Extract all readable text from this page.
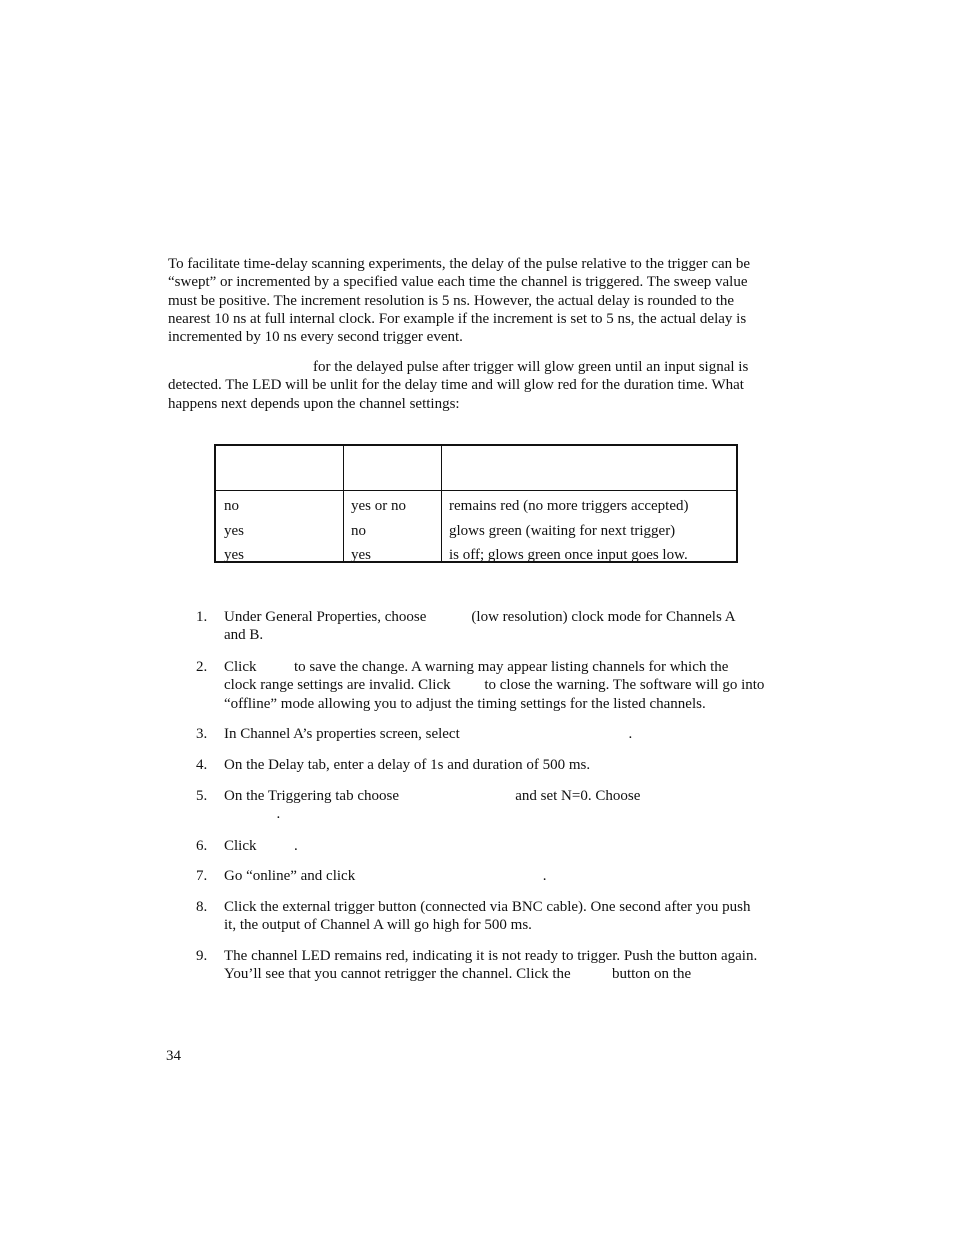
To facilitate time-delay scanning experiments, the delay of the pulse relative to the trigger can be
“swept” or incremented by a specified value each time the channel is triggered. The sweep value
must be positive. The increment resolution is 5 ns. However, the actual delay is rounded to the
nearest 10 ns at full internal clock. For example if the increment is set to 5 ns, the actual delay is
incremented by 10 ns every second trigger event.

for the delayed pulse after trigger will glow green until an input signal is
detected. The LED will be unlit for the delay time and will glow red for the duration time. What
happens next depends upon the channel settings:

no	yes or no	remains red (no more triggers accepted)
yes	no	glows green (waiting for next trigger)
yes	yes	is off; glows green once input goes low.
1. Under General Properties, choose            (low resolution) clock mode for Channels A
and B.
2. Click          to save the change. A warning may appear listing channels for which the
clock range settings are invalid. Click         to close the warning. The software will go into
“offline” mode allowing you to adjust the timing settings for the listed channels.
3. In Channel A’s properties screen, select                                             .
4. On the Delay tab, enter a delay of 1s and duration of 500 ms.
5. On the Triggering tab choose                               and set N=0. Choose
.
6. Click          .
7. Go “online” and click                                                  .
8. Click the external trigger button (connected via BNC cable). One second after you push
it, the output of Channel A will go high for 500 ms.
9. The channel LED remains red, indicating it is not ready to trigger. Push the button again.
You’ll see that you cannot retrigger the channel. Click the           button on the
34
